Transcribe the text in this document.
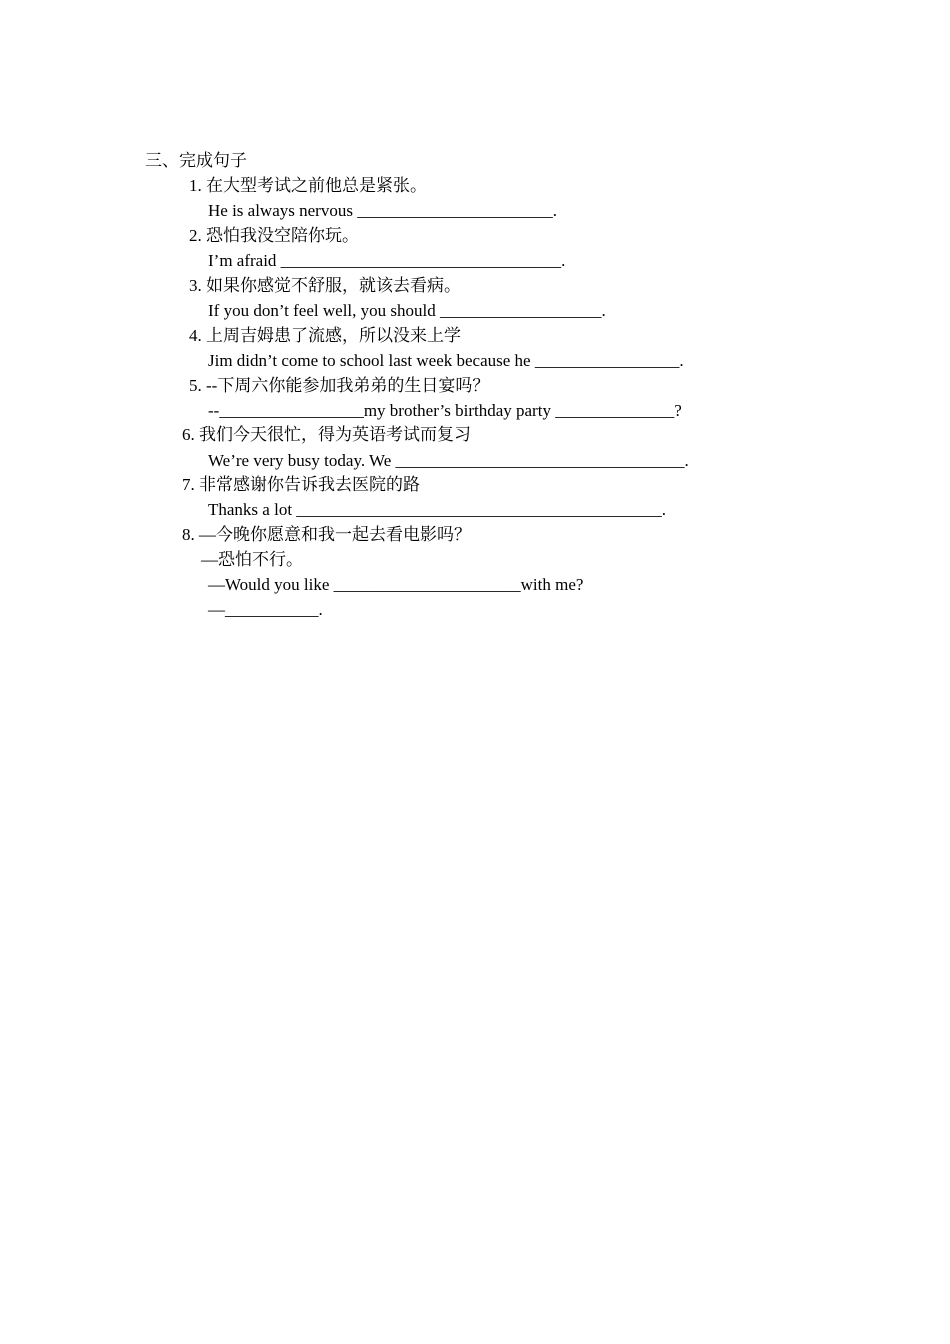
三、完成句子
1. 在大型考试之前他总是紧张。
He is always nervous _______________________.
2. 恐怕我没空陪你玩。
I’m afraid _________________________________.
3. 如果你感觉不舒服，就该去看病。
If you don’t feel well, you should ___________________.
4. 上周吉姆患了流感，所以没来上学
Jim didn’t come to school last week because he _________________.
5. --下周六你能参加我弟弟的生日宴吗？
--_________________my brother’s birthday party ______________?
6. 我们今天很忙，得为英语考试而复习
We’re very busy today. We __________________________________.
7. 非常感谢你告诉我去医院的路
Thanks a lot ___________________________________________.
8. —今晚你愿意和我一起去看电影吗？
—恐怕不行。
—Would you like ______________________with me?
—___________.
